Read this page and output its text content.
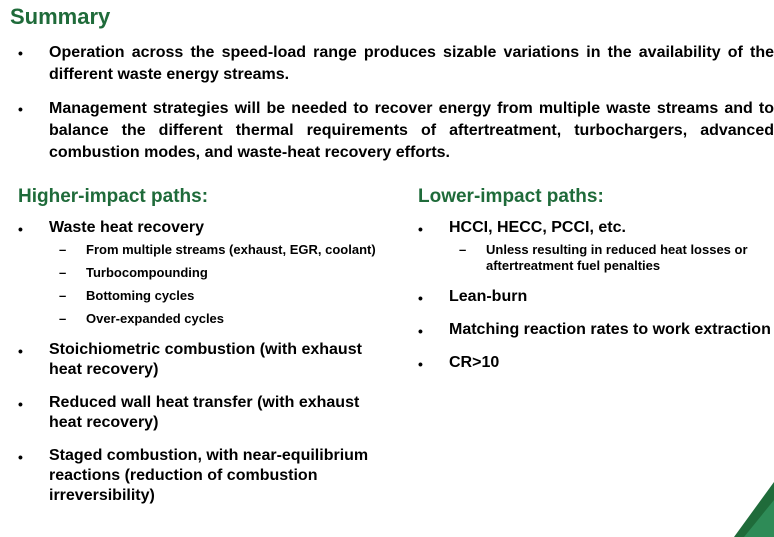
Summary
• Operation across the speed-load range produces sizable variations in the availability of the different waste energy streams.
• Management strategies will be needed to recover energy from multiple waste streams and to balance the different thermal requirements of aftertreatment, turbochargers, advanced combustion modes, and waste-heat recovery efforts.
Higher-impact paths:
• Waste heat recovery
– From multiple streams (exhaust, EGR, coolant)
– Turbocompounding
– Bottoming cycles
– Over-expanded cycles
• Stoichiometric combustion (with exhaust heat recovery)
• Reduced wall heat transfer (with exhaust heat recovery)
• Staged combustion, with near-equilibrium reactions (reduction of combustion irreversibility)
Lower-impact paths:
• HCCI, HECC, PCCI, etc.
– Unless resulting in reduced heat losses or aftertreatment fuel penalties
• Lean-burn
• Matching reaction rates to work extraction
• CR>10
